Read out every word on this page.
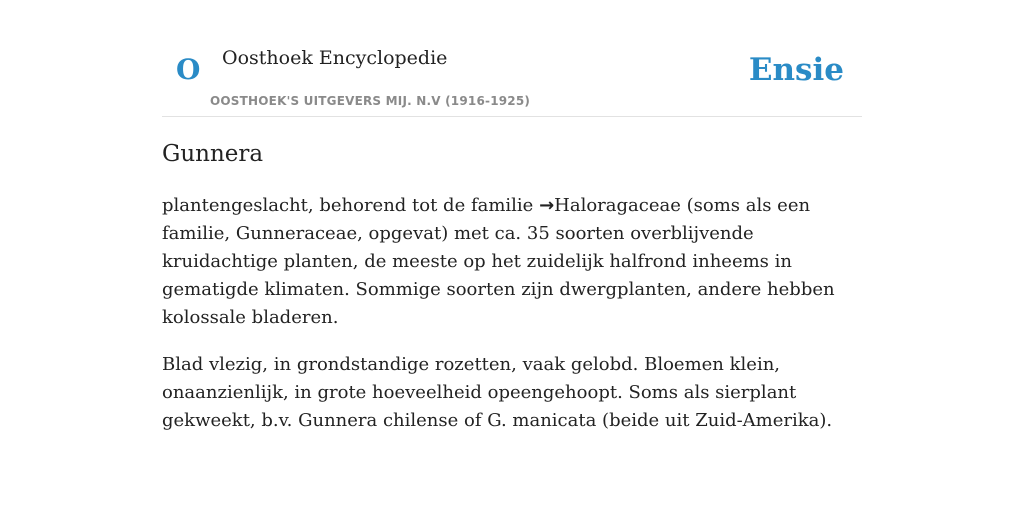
O Oosthoek Encyclopedie
OOSTHOEK'S UITGEVERS MIJ. N.V (1916-1925)
Ensie
Gunnera

plantengeslacht, behorend tot de familie →Haloragaceae (soms als een familie, Gunneraceae, opgevat) met ca. 35 soorten overblijvende kruidachtige planten, de meeste op het zuidelijk halfrond inheems in gematigde klimaten. Sommige soorten zijn dwergplanten, andere hebben kolossale bladeren.

Blad vlezig, in grondstandige rozetten, vaak gelobd. Bloemen klein, onaanzienlijk, in grote hoeveelheid opeengehoopt. Soms als sierplant gekweekt, b.v. Gunnera chilense of G. manicata (beide uit Zuid-Amerika).
